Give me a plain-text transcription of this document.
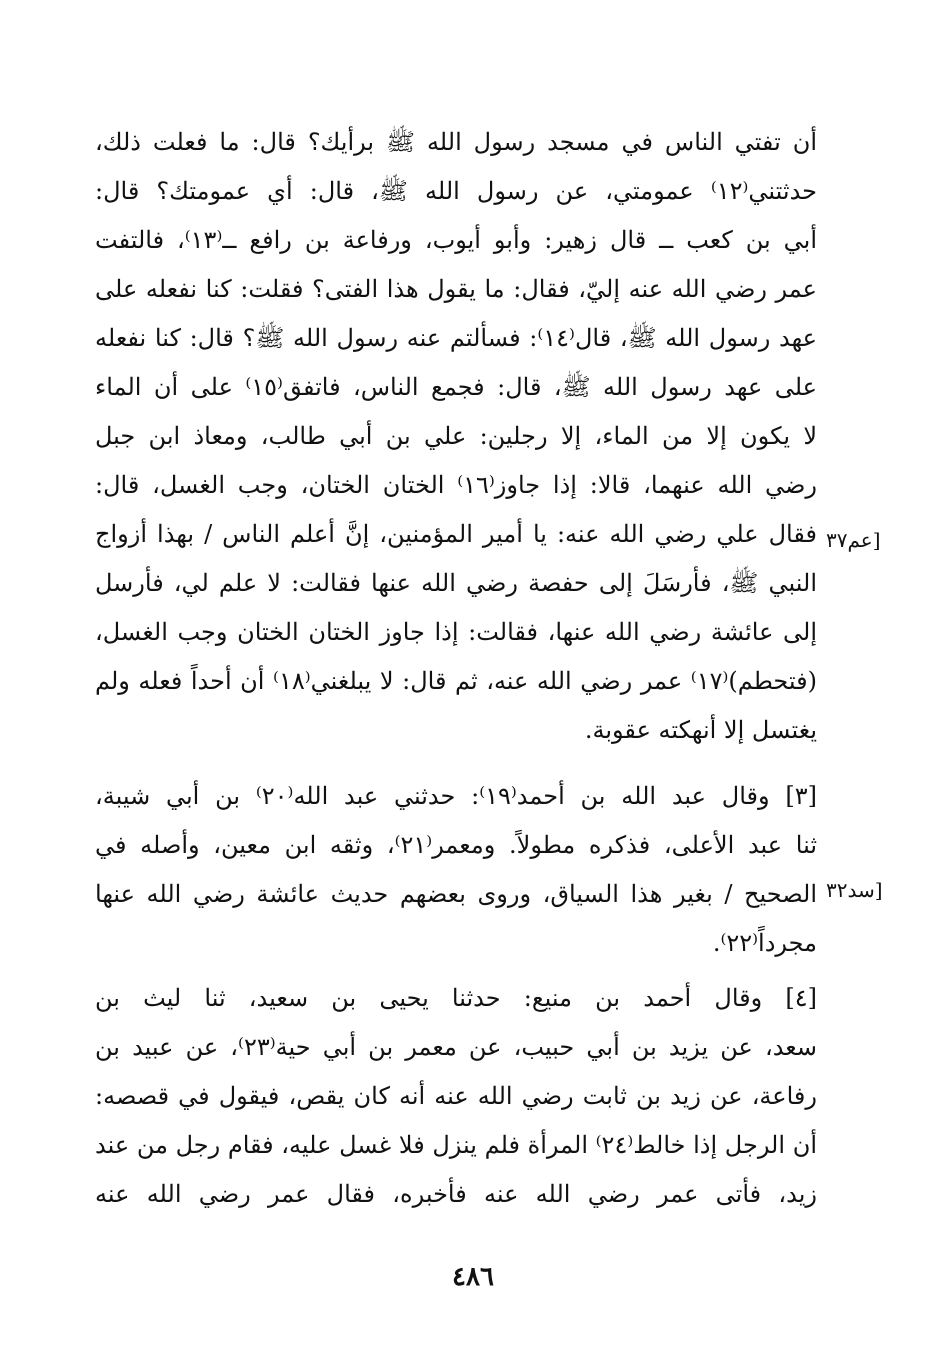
أن تفتي الناس في مسجد رسول الله ﷺ برأيك؟ قال: ما فعلت ذلك،
حدثتني⁽١٢⁾ عمومتي، عن رسول الله ﷺ، قال: أي عمومتك؟ قال:
أبي بن كعب ــ قال زهير: وأبو أيوب، ورفاعة بن رافع ــ⁽١٣⁾، فالتفت
عمر رضي الله عنه إليّ، فقال: ما يقول هذا الفتى؟ فقلت: كنا نفعله على
عهد رسول الله ﷺ، قال⁽١٤⁾: فسألتم عنه رسول الله ﷺ؟ قال: كنا نفعله
على عهد رسول الله ﷺ، قال: فجمع الناس، فاتفق⁽١٥⁾ على أن الماء
لا يكون إلا من الماء، إلا رجلين: علي بن أبي طالب، ومعاذ ابن جبل
رضي الله عنهما، قالا: إذا جاوز⁽١٦⁾ الختان الختان، وجب الغسل، قال:
فقال علي رضي الله عنه: يا أمير المؤمنين، إنَّ أعلم الناس / بهذا أزواج
النبي ﷺ، فأرسَلَ إلى حفصة رضي الله عنها فقالت: لا علم لي، فأرسل
إلى عائشة رضي الله عنها، فقالت: إذا جاوز الختان الختان وجب الغسل،
(فتحطم)⁽١٧⁾ عمر رضي الله عنه، ثم قال: لا يبلغني⁽١٨⁾ أن أحداً فعله ولم
يغتسل إلا أنهكته عقوبة.
[عم٣٧
[٣] وقال عبد الله بن أحمد⁽١٩⁾: حدثني عبد الله⁽٢٠⁾ بن أبي شيبة،
ثنا عبد الأعلى، فذكره مطولاً. ومعمر⁽٢١⁾، وثقه ابن معين، وأصله في
الصحيح / بغير هذا السياق، وروى بعضهم حديث عائشة رضي الله عنها
مجرداً⁽٢٢⁾.
[سد٣٢
[٤] وقال أحمد بن منيع: حدثنا يحيى بن سعيد، ثنا ليث بن
سعد، عن يزيد بن أبي حبيب، عن معمر بن أبي حية⁽٢٣⁾، عن عبيد بن
رفاعة، عن زيد بن ثابت رضي الله عنه أنه كان يقص، فيقول في قصصه:
أن الرجل إذا خالط⁽٢٤⁾ المرأة فلم ينزل فلا غسل عليه، فقام رجل من عند
زيد، فأتى عمر رضي الله عنه فأخبره، فقال عمر رضي الله عنه
٤٨٦
